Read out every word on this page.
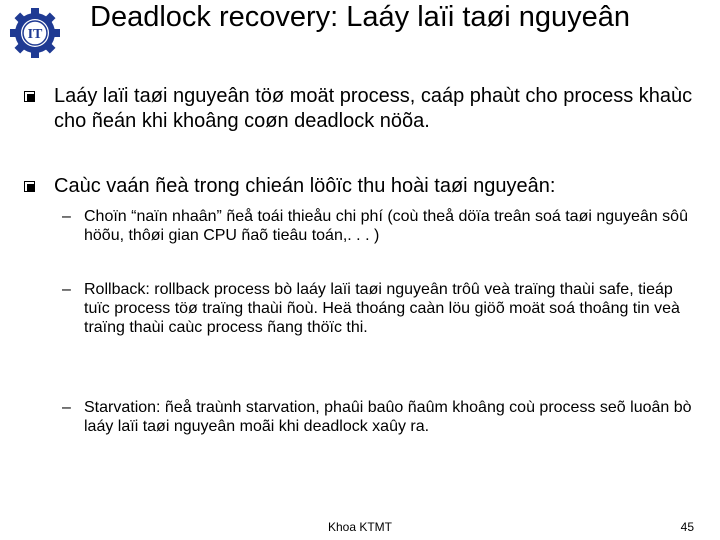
IT
Deadlock recovery: Laáy laïi taøi nguyeân
Laáy laïi taøi nguyeân töø moät process, caáp phaùt cho process khaùc cho ñeán khi khoâng coøn deadlock nöõa.
Caùc vaán ñeà trong chieán löôïc thu hoài taøi nguyeân:
– Choïn “naïn nhaân” ñeå toái thieåu chi phí (coù theå döïa treân soá taøi nguyeân sôû höõu, thôøi gian CPU ñaõ tieâu toán,. . . )
– Rollback: rollback process bò laáy laïi taøi nguyeân trôû veà traïng thaùi safe, tieáp tuïc process töø traïng thaùi ñoù. Heä thoáng caàn löu giöõ moät soá thoâng tin veà traïng thaùi caùc process ñang thöïc thi.
– Starvation: ñeå traùnh starvation, phaûi baûo ñaûm khoâng coù process seõ luoân bò laáy laïi taøi nguyeân moãi khi deadlock xaûy ra.
Khoa KTMT	45
